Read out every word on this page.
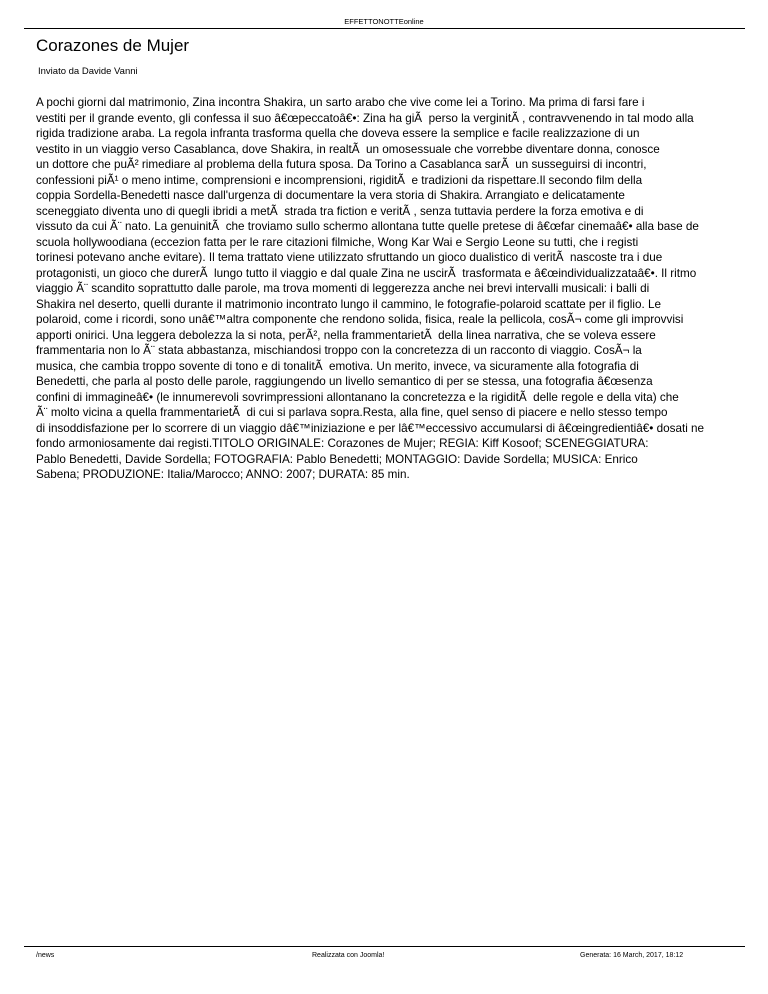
EFFETTONOTTEonline
Corazones de Mujer
Inviato da Davide Vanni
A pochi giorni dal matrimonio, Zina incontra Shakira, un sarto arabo che vive come lei a Torino. Ma prima di farsi fare i
vestiti per il grande evento, gli confessa il suo â€œpeccatoâ€•: Zina ha giÃ  perso la verginitÃ , contravvenendo in tal modo alla
rigida tradizione araba. La regola infranta trasforma quella che doveva essere la semplice e facile realizzazione di un
vestito in un viaggio verso Casablanca, dove Shakira, in realtÃ  un omosessuale che vorrebbe diventare donna, conosce
un dottore che puÃ² rimediare al problema della futura sposa. Da Torino a Casablanca sarÃ  un susseguirsi di incontri,
confessioni piÃ¹ o meno intime, comprensioni e incomprensioni, rigiditÃ  e tradizioni da rispettare.Il secondo film della
coppia Sordella-Benedetti nasce dall'urgenza di documentare la vera storia di Shakira. Arrangiato e delicatamente
sceneggiato diventa uno di quegli ibridi a metÃ  strada tra fiction e veritÃ , senza tuttavia perdere la forza emotiva e di
vissuto da cui Ã¨ nato. La genuinitÃ  che troviamo sullo schermo allontana tutte quelle pretese di â€œfar cinemaâ€• alla base de
scuola hollywoodiana (eccezion fatta per le rare citazioni filmiche, Wong Kar Wai e Sergio Leone su tutti, che i registi
torinesi potevano anche evitare). Il tema trattato viene utilizzato sfruttando un gioco dualistico di veritÃ  nascoste tra i due
protagonisti, un gioco che durerÃ  lungo tutto il viaggio e dal quale Zina ne uscirÃ  trasformata e â€œindividualizzataâ€•. Il ritmo
viaggio Ã¨ scandito soprattutto dalle parole, ma trova momenti di leggerezza anche nei brevi intervalli musicali: i balli di
Shakira nel deserto, quelli durante il matrimonio incontrato lungo il cammino, le fotografie-polaroid scattate per il figlio. Le
polaroid, come i ricordi, sono unâ€™altra componente che rendono solida, fisica, reale la pellicola, cosÃ¬ come gli improvvisi
apporti onirici. Una leggera debolezza la si nota, perÃ², nella frammentarietÃ  della linea narrativa, che se voleva essere
frammentaria non lo Ã¨ stata abbastanza, mischiandosi troppo con la concretezza di un racconto di viaggio. CosÃ¬ la
musica, che cambia troppo sovente di tono e di tonalitÃ  emotiva. Un merito, invece, va sicuramente alla fotografia di
Benedetti, che parla al posto delle parole, raggiungendo un livello semantico di per se stessa, una fotografia â€œsenza
confini di immagineâ€• (le innumerevoli sovrimpressioni allontanano la concretezza e la rigiditÃ  delle regole e della vita) che
Ã¨ molto vicina a quella frammentarietÃ  di cui si parlava sopra.Resta, alla fine, quel senso di piacere e nello stesso tempo
di insoddisfazione per lo scorrere di un viaggio dâ€™iniziazione e per lâ€™eccessivo accumularsi di â€œingredientiâ€• dosati ne
fondo armoniosamente dai registi.TITOLO ORIGINALE: Corazones de Mujer; REGIA: Kiff Kosoof; SCENEGGIATURA:
Pablo Benedetti, Davide Sordella; FOTOGRAFIA: Pablo Benedetti; MONTAGGIO: Davide Sordella; MUSICA: Enrico
Sabena; PRODUZIONE: Italia/Marocco; ANNO: 2007; DURATA: 85 min.
/news	Realizzata con Joomla!	Generata: 16 March, 2017, 18:12
